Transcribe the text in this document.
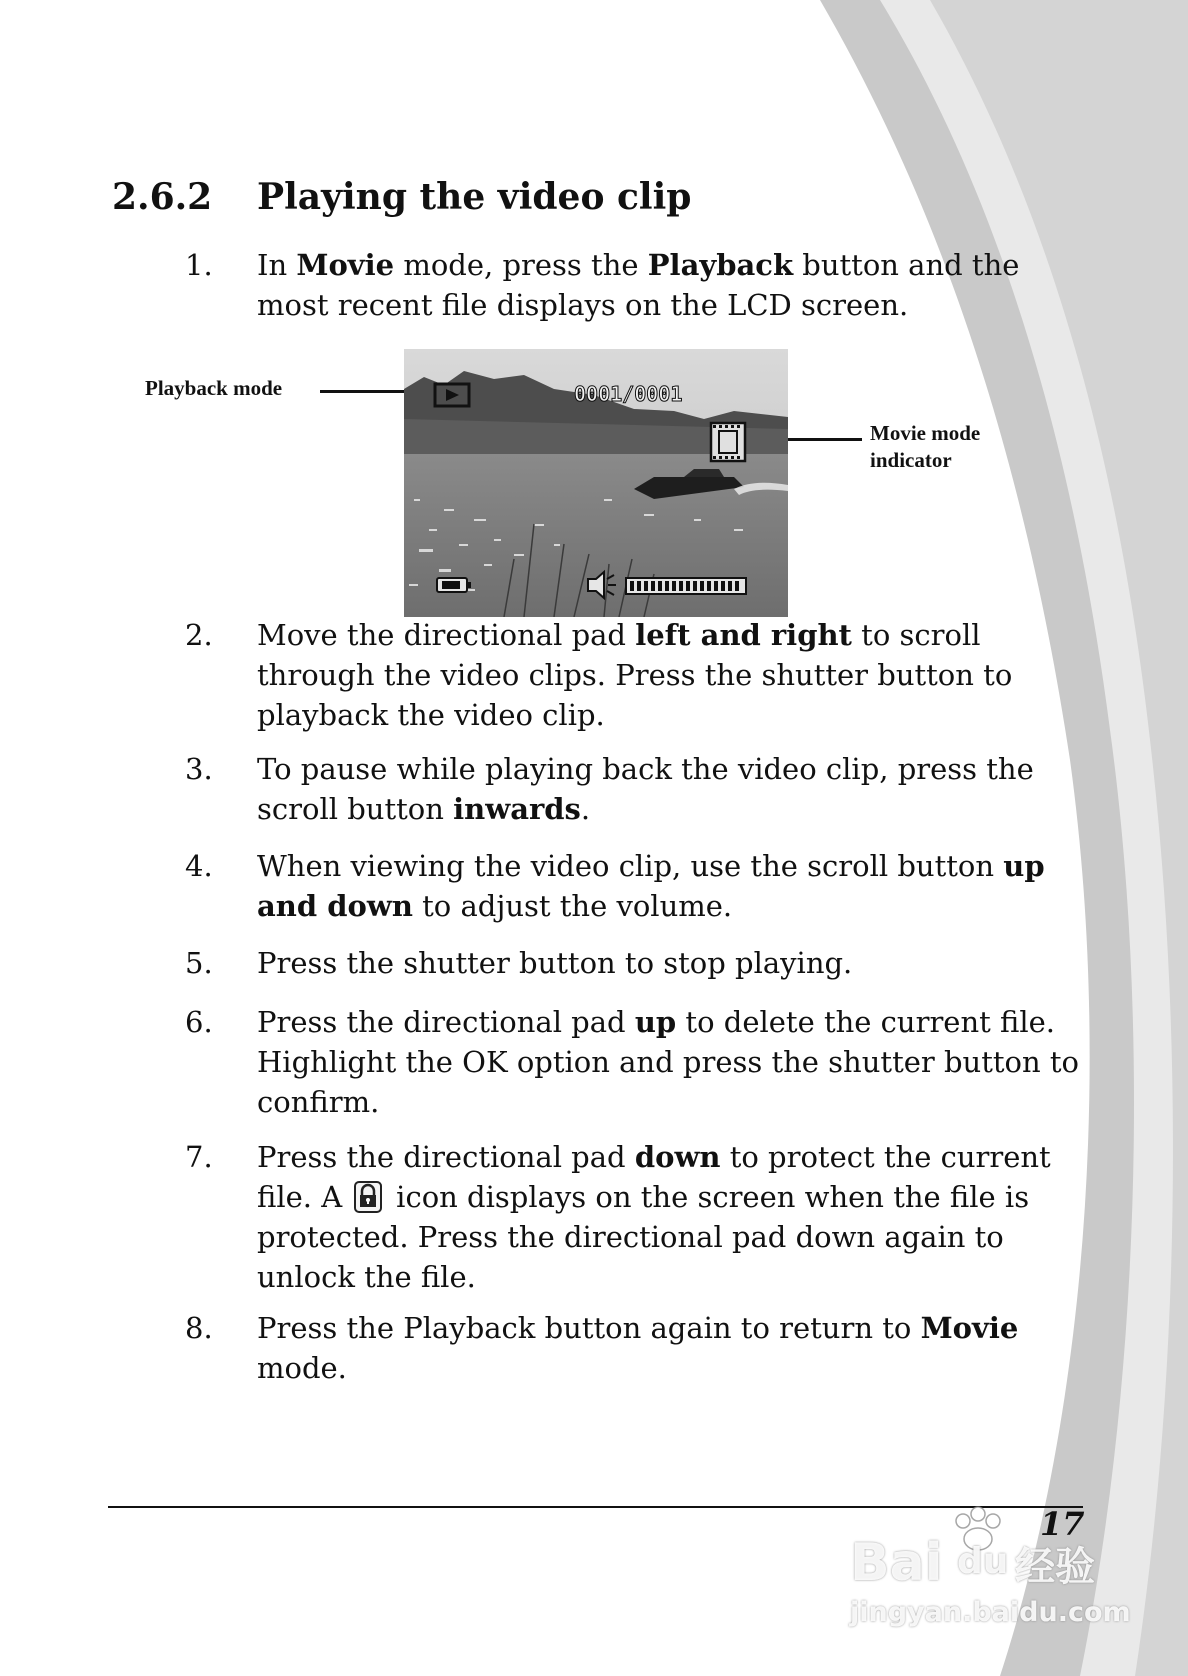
2.6.2 Playing the video clip
1.	In Movie mode, press the Playback button and the most recent file displays on the LCD screen.
2.	Move the directional pad left and right to scroll through the video clips. Press the shutter button to playback the video clip.
3.	To pause while playing back the video clip, press the scroll button inwards.
4.	When viewing the video clip, use the scroll button up and down to adjust the volume.
5.	Press the shutter button to stop playing.
6.	Press the directional pad up to delete the current file. Highlight the OK option and press the shutter button to confirm.
7.	Press the directional pad down to protect the current file. A icon displays on the screen when the file is protected. Press the directional pad down again to unlock the file.
8.	Press the Playback button again to return to Movie mode.
Playback mode
Movie mode
indicator
0001/0001
17
Bai du 经验
jingyan.baidu.com
